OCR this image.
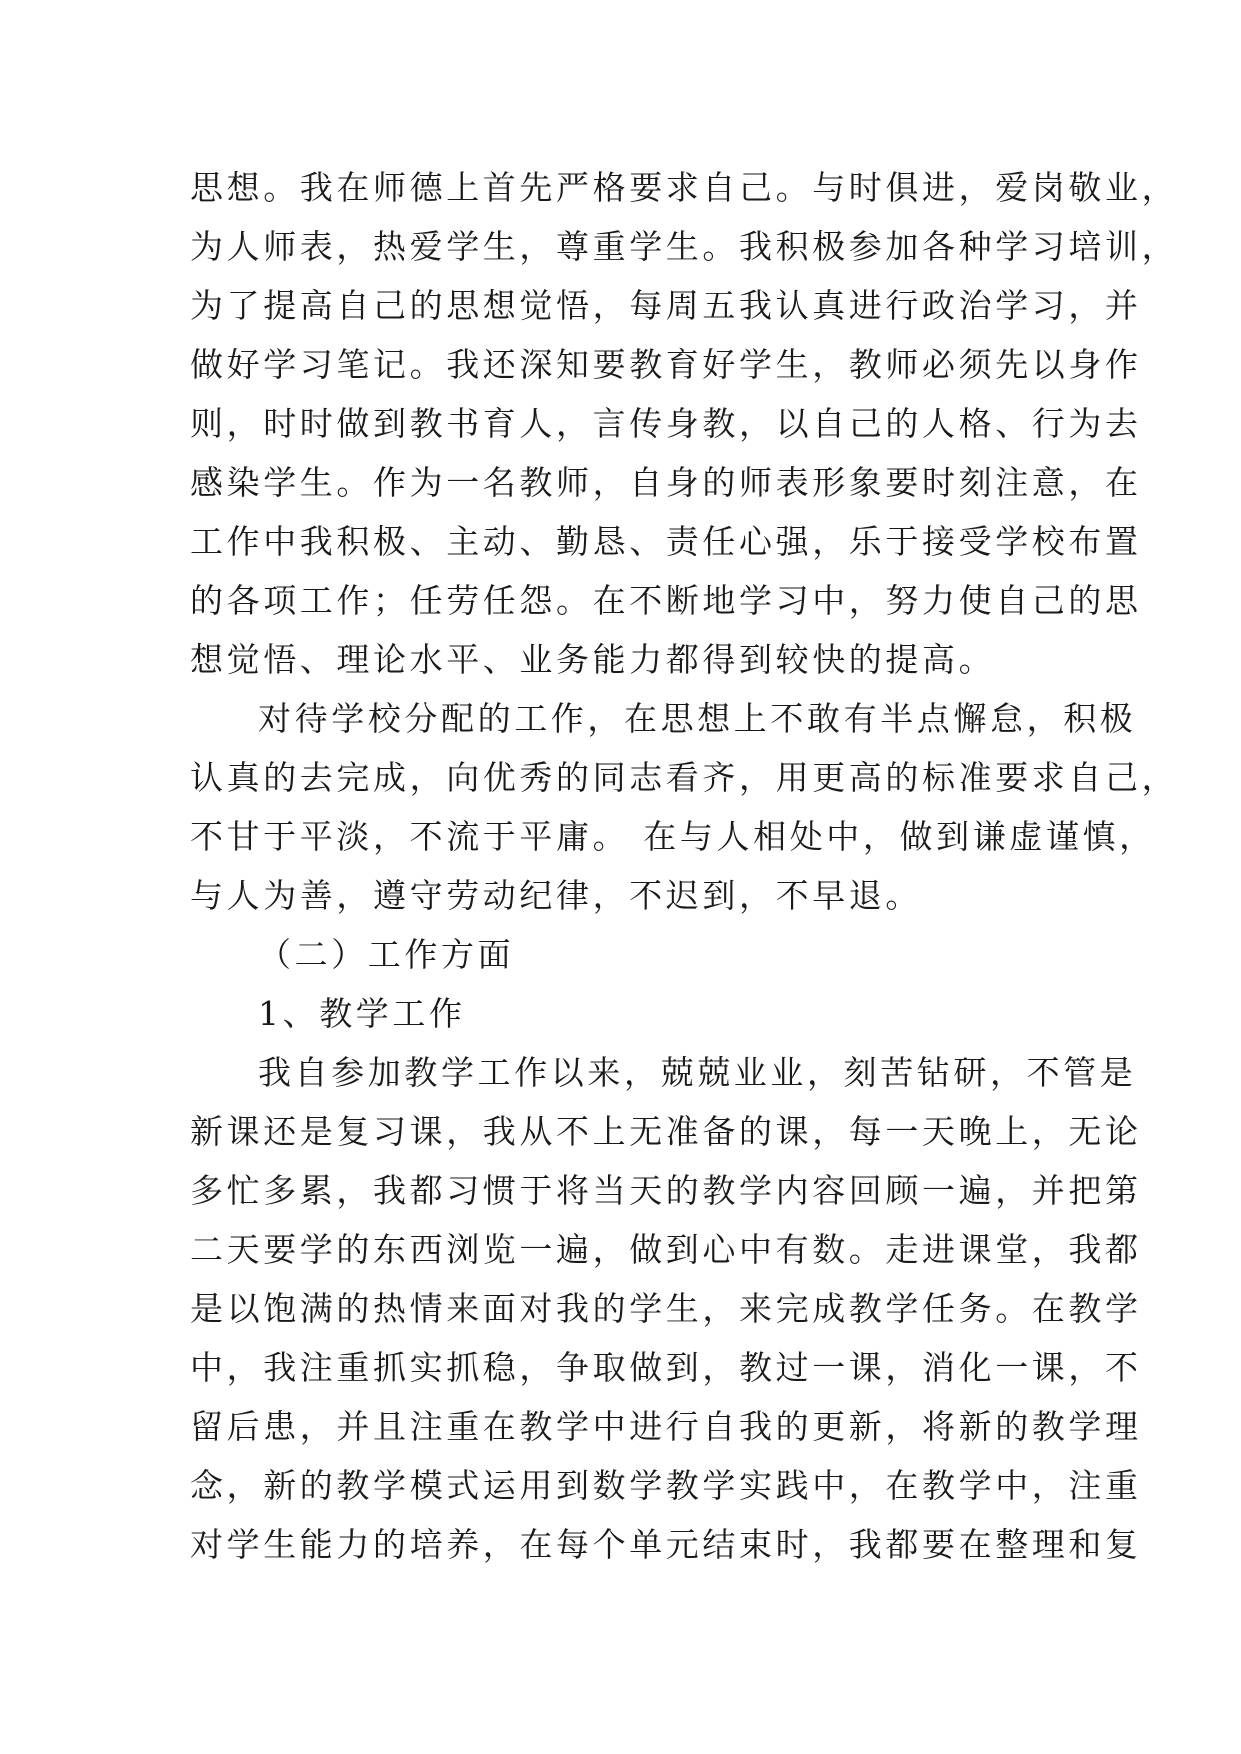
思想。我在师德上首先严格要求自己。与时俱进，爱岗敬业，
为人师表，热爱学生，尊重学生。我积极参加各种学习培训，
为了提高自己的思想觉悟，每周五我认真进行政治学习，并
做好学习笔记。我还深知要教育好学生，教师必须先以身作
则，时时做到教书育人，言传身教，以自己的人格、行为去
感染学生。作为一名教师，自身的师表形象要时刻注意，在
工作中我积极、主动、勤恳、责任心强，乐于接受学校布置
的各项工作；任劳任怨。在不断地学习中，努力使自己的思
想觉悟、理论水平、业务能力都得到较快的提高。
对待学校分配的工作，在思想上不敢有半点懈怠，积极
认真的去完成，向优秀的同志看齐，用更高的标准要求自己，
不甘于平淡，不流于平庸。 在与人相处中，做到谦虚谨慎，
与人为善，遵守劳动纪律，不迟到，不早退。
（二）工作方面
1、教学工作
我自参加教学工作以来，兢兢业业，刻苦钻研，不管是
新课还是复习课，我从不上无准备的课，每一天晚上，无论
多忙多累，我都习惯于将当天的教学内容回顾一遍，并把第
二天要学的东西浏览一遍，做到心中有数。走进课堂，我都
是以饱满的热情来面对我的学生，来完成教学任务。在教学
中，我注重抓实抓稳，争取做到，教过一课，消化一课，不
留后患，并且注重在教学中进行自我的更新，将新的教学理
念，新的教学模式运用到数学教学实践中，在教学中，注重
对学生能力的培养，在每个单元结束时，我都要在整理和复
